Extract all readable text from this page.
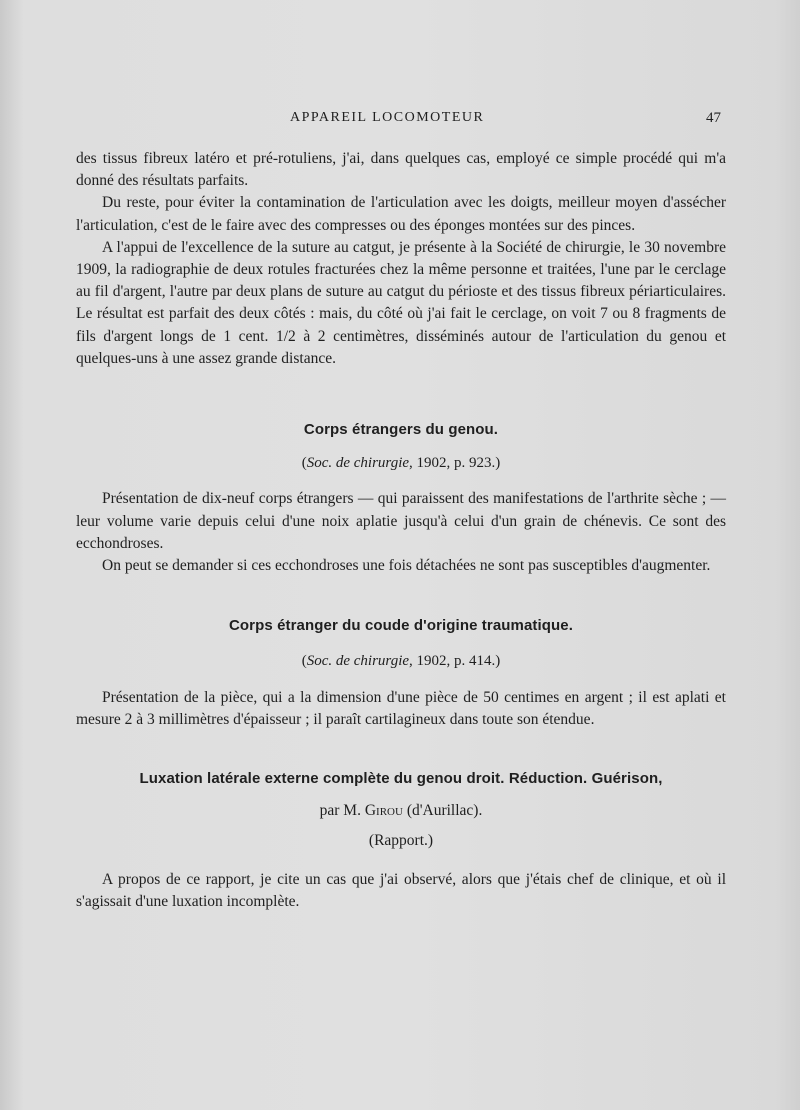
APPAREIL LOCOMOTEUR	47

des tissus fibreux latéro et pré-rotuliens, j'ai, dans quelques cas, employé ce simple procédé qui m'a donné des résultats parfaits.

Du reste, pour éviter la contamination de l'articulation avec les doigts, meilleur moyen d'assécher l'articulation, c'est de le faire avec des compresses ou des éponges montées sur des pinces.

A l'appui de l'excellence de la suture au catgut, je présente à la Société de chirurgie, le 30 novembre 1909, la radiographie de deux rotules fracturées chez la même personne et traitées, l'une par le cerclage au fil d'argent, l'autre par deux plans de suture au catgut du périoste et des tissus fibreux périarticulaires. Le résultat est parfait des deux côtés : mais, du côté où j'ai fait le cerclage, on voit 7 ou 8 fragments de fils d'argent longs de 1 cent. 1/2 à 2 centimètres, disséminés autour de l'articulation du genou et quelques-uns à une assez grande distance.

Corps étrangers du genou.

(Soc. de chirurgie, 1902, p. 923.)

Présentation de dix-neuf corps étrangers — qui paraissent des manifestations de l'arthrite sèche ; — leur volume varie depuis celui d'une noix aplatie jusqu'à celui d'un grain de chénevis. Ce sont des ecchondroses.

On peut se demander si ces ecchondroses une fois détachées ne sont pas susceptibles d'augmenter.

Corps étranger du coude d'origine traumatique.

(Soc. de chirurgie, 1902, p. 414.)

Présentation de la pièce, qui a la dimension d'une pièce de 50 centimes en argent ; il est aplati et mesure 2 à 3 millimètres d'épaisseur ; il paraît cartilagineux dans toute son étendue.

Luxation latérale externe complète du genou droit. Réduction. Guérison,

par M. Girou (d'Aurillac).

(Rapport.)

A propos de ce rapport, je cite un cas que j'ai observé, alors que j'étais chef de clinique, et où il s'agissait d'une luxation incomplète.
